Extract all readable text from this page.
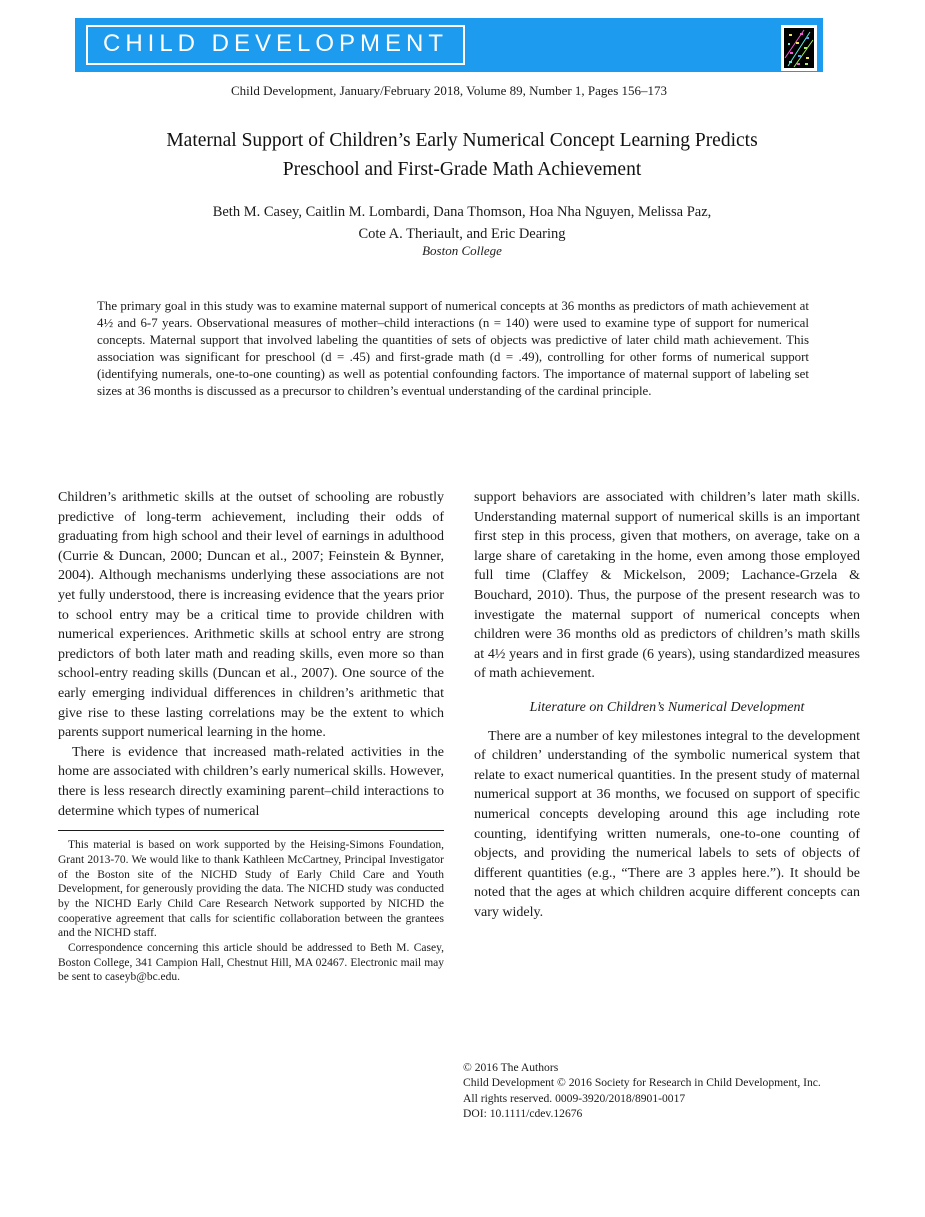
CHILD DEVELOPMENT
Child Development, January/February 2018, Volume 89, Number 1, Pages 156–173
Maternal Support of Children’s Early Numerical Concept Learning Predicts
Preschool and First-Grade Math Achievement
Beth M. Casey, Caitlin M. Lombardi, Dana Thomson, Hoa Nha Nguyen, Melissa Paz,
Cote A. Theriault, and Eric Dearing
Boston College
The primary goal in this study was to examine maternal support of numerical concepts at 36 months as predictors of math achievement at 4½ and 6-7 years. Observational measures of mother–child interactions (n = 140) were used to examine type of support for numerical concepts. Maternal support that involved labeling the quantities of sets of objects was predictive of later child math achievement. This association was significant for preschool (d = .45) and first-grade math (d = .49), controlling for other forms of numerical support (identifying numerals, one-to-one counting) as well as potential confounding factors. The importance of maternal support of labeling set sizes at 36 months is discussed as a precursor to children’s eventual understanding of the cardinal principle.

Children’s arithmetic skills at the outset of schooling are robustly predictive of long-term achievement, including their odds of graduating from high school and their level of earnings in adulthood (Currie & Duncan, 2000; Duncan et al., 2007; Feinstein & Bynner, 2004). Although mechanisms underlying these associations are not yet fully understood, there is increasing evidence that the years prior to school entry may be a critical time to provide children with numerical experiences. Arithmetic skills at school entry are strong predictors of both later math and reading skills, even more so than school-entry reading skills (Duncan et al., 2007). One source of the early emerging individual differences in children’s arithmetic that give rise to these lasting correlations may be the extent to which parents support numerical learning in the home.

There is evidence that increased math-related activities in the home are associated with children’s early numerical skills. However, there is less research directly examining parent–child interactions to determine which types of numerical

This material is based on work supported by the Heising-Simons Foundation, Grant 2013-70. We would like to thank Kathleen McCartney, Principal Investigator of the Boston site of the NICHD Study of Early Child Care and Youth Development, for generously providing the data. The NICHD study was conducted by the NICHD Early Child Care Research Network supported by NICHD the cooperative agreement that calls for scientific collaboration between the grantees and the NICHD staff.

Correspondence concerning this article should be addressed to Beth M. Casey, Boston College, 341 Campion Hall, Chestnut Hill, MA 02467. Electronic mail may be sent to caseyb@bc.edu.

support behaviors are associated with children’s later math skills. Understanding maternal support of numerical skills is an important first step in this process, given that mothers, on average, take on a large share of caretaking in the home, even among those employed full time (Claffey & Mickelson, 2009; Lachance-Grzela & Bouchard, 2010). Thus, the purpose of the present research was to investigate the maternal support of numerical concepts when children were 36 months old as predictors of children’s math skills at 4½ years and in first grade (6 years), using standardized measures of math achievement.

Literature on Children’s Numerical Development

There are a number of key milestones integral to the development of children’ understanding of the symbolic numerical system that relate to exact numerical quantities. In the present study of maternal numerical support at 36 months, we focused on support of specific numerical concepts developing around this age including rote counting, identifying written numerals, one-to-one counting of objects, and providing the numerical labels to sets of objects of different quantities (e.g., “There are 3 apples here.”). It should be noted that the ages at which children acquire different concepts can vary widely.

© 2016 The Authors
Child Development © 2016 Society for Research in Child Development, Inc.
All rights reserved. 0009-3920/2018/8901-0017
DOI: 10.1111/cdev.12676
